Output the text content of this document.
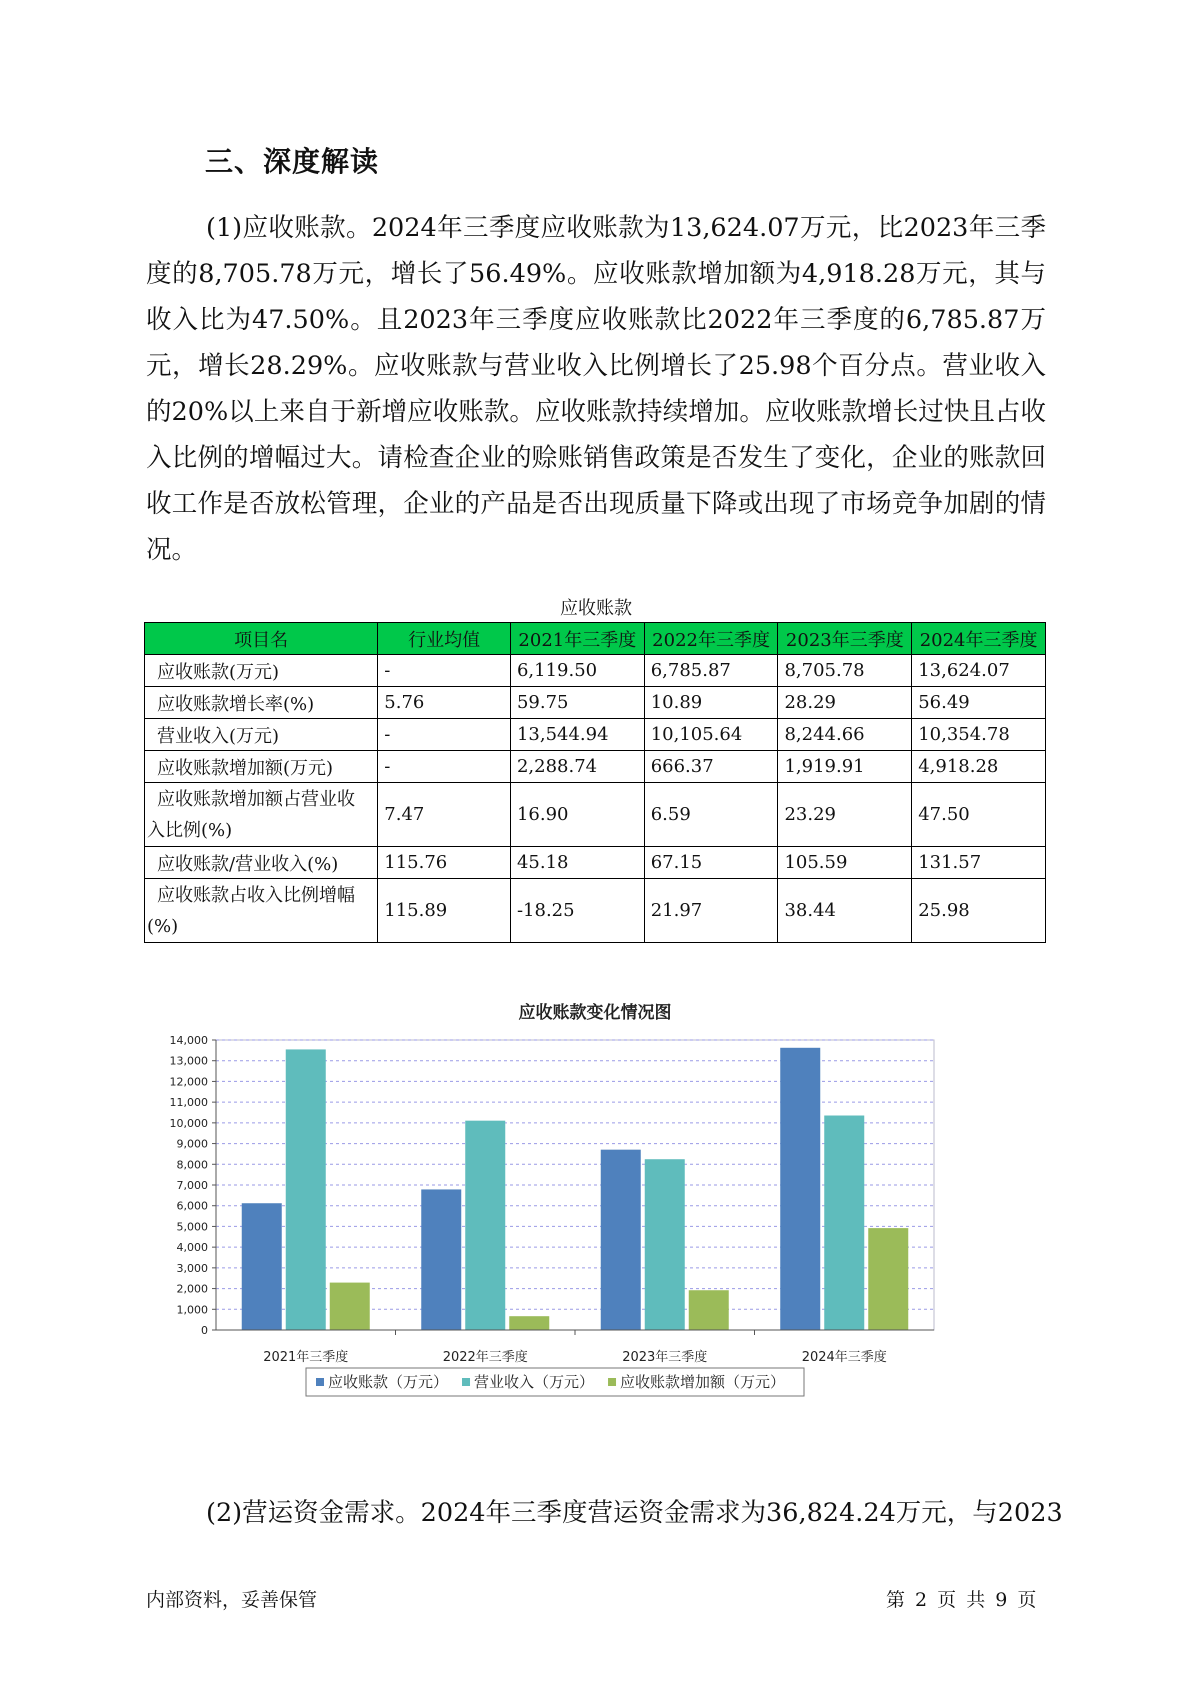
三、深度解读

(1)应收账款。2024年三季度应收账款为13,624.07万元，比2023年三季度的8,705.78万元，增长了56.49%。应收账款增加额为4,918.28万元，其与收入比为47.50%。且2023年三季度应收账款比2022年三季度的6,785.87万元，增长28.29%。应收账款与营业收入比例增长了25.98个百分点。营业收入的20%以上来自于新增应收账款。应收账款持续增加。应收账款增长过快且占收入比例的增幅过大。请检查企业的赊账销售政策是否发生了变化，企业的账款回收工作是否放松管理，企业的产品是否出现质量下降或出现了市场竞争加剧的情况。

应收账款
项目名	行业均值	2021年三季度	2022年三季度	2023年三季度	2024年三季度
应收账款(万元)	-	6,119.50	6,785.87	8,705.78	13,624.07
应收账款增长率(%)	5.76	59.75	10.89	28.29	56.49
营业收入(万元)	-	13,544.94	10,105.64	8,244.66	10,354.78
应收账款增加额(万元)	-	2,288.74	666.37	1,919.91	4,918.28
应收账款增加额占营业收入比例(%)	7.47	16.90	6.59	23.29	47.50
应收账款/营业收入(%)	115.76	45.18	67.15	105.59	131.57
应收账款占收入比例增幅(%)	115.89	-18.25	21.97	38.44	25.98
应收账款变化情况图
0
1,000
2,000
3,000
4,000
5,000
6,000
7,000
8,000
9,000
10,000
11,000
12,000
13,000
14,000
2021年三季度	2022年三季度	2023年三季度	2024年三季度
应收账款（万元） 营业收入（万元） 应收账款增加额（万元）

(2)营运资金需求。2024年三季度营运资金需求为36,824.24万元，与2023

内部资料，妥善保管	第 2 页 共 9 页
